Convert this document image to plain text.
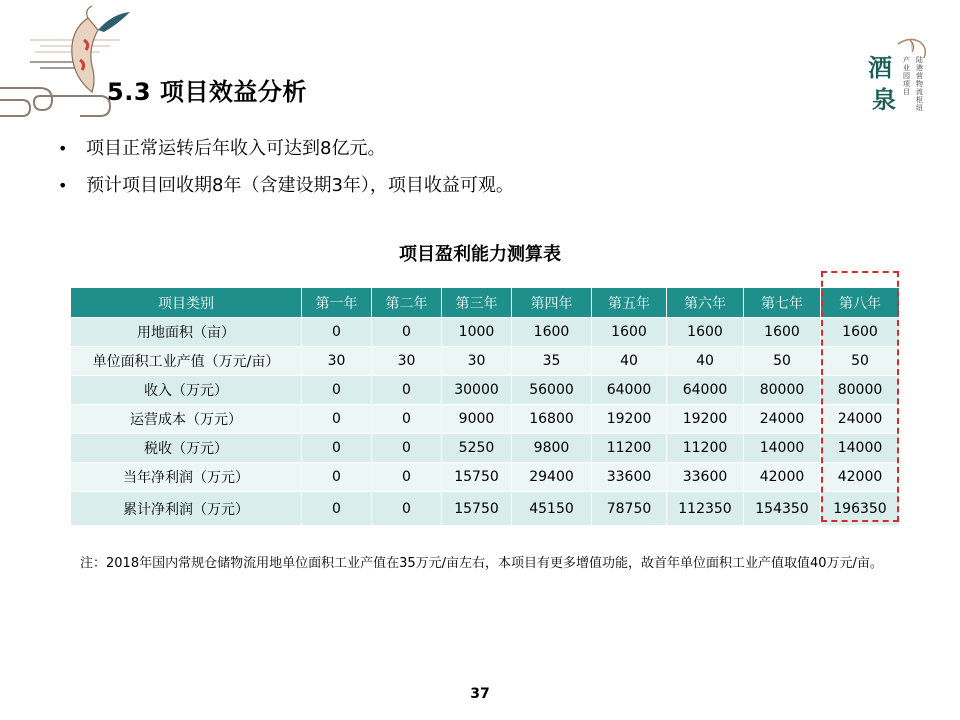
5.3 项目效益分析
酒
泉
产业园项目
陆港营物流枢纽
• 项目正常运转后年收入可达到8亿元。
• 预计项目回收期8年（含建设期3年），项目收益可观。
项目盈利能力测算表
项目类别	第一年	第二年	第三年	第四年	第五年	第六年	第七年	第八年
用地面积（亩）	0	0	1000	1600	1600	1600	1600	1600
单位面积工业产值（万元/亩）	30	30	30	35	40	40	50	50
收入（万元）	0	0	30000	56000	64000	64000	80000	80000
运营成本（万元）	0	0	9000	16800	19200	19200	24000	24000
税收（万元）	0	0	5250	9800	11200	11200	14000	14000
当年净利润（万元）	0	0	15750	29400	33600	33600	42000	42000
累计净利润（万元）	0	0	15750	45150	78750	112350	154350	196350
注：2018年国内常规仓储物流用地单位面积工业产值在35万元/亩左右，本项目有更多增值功能，故首年单位面积工业产值取值40万元/亩。
37
